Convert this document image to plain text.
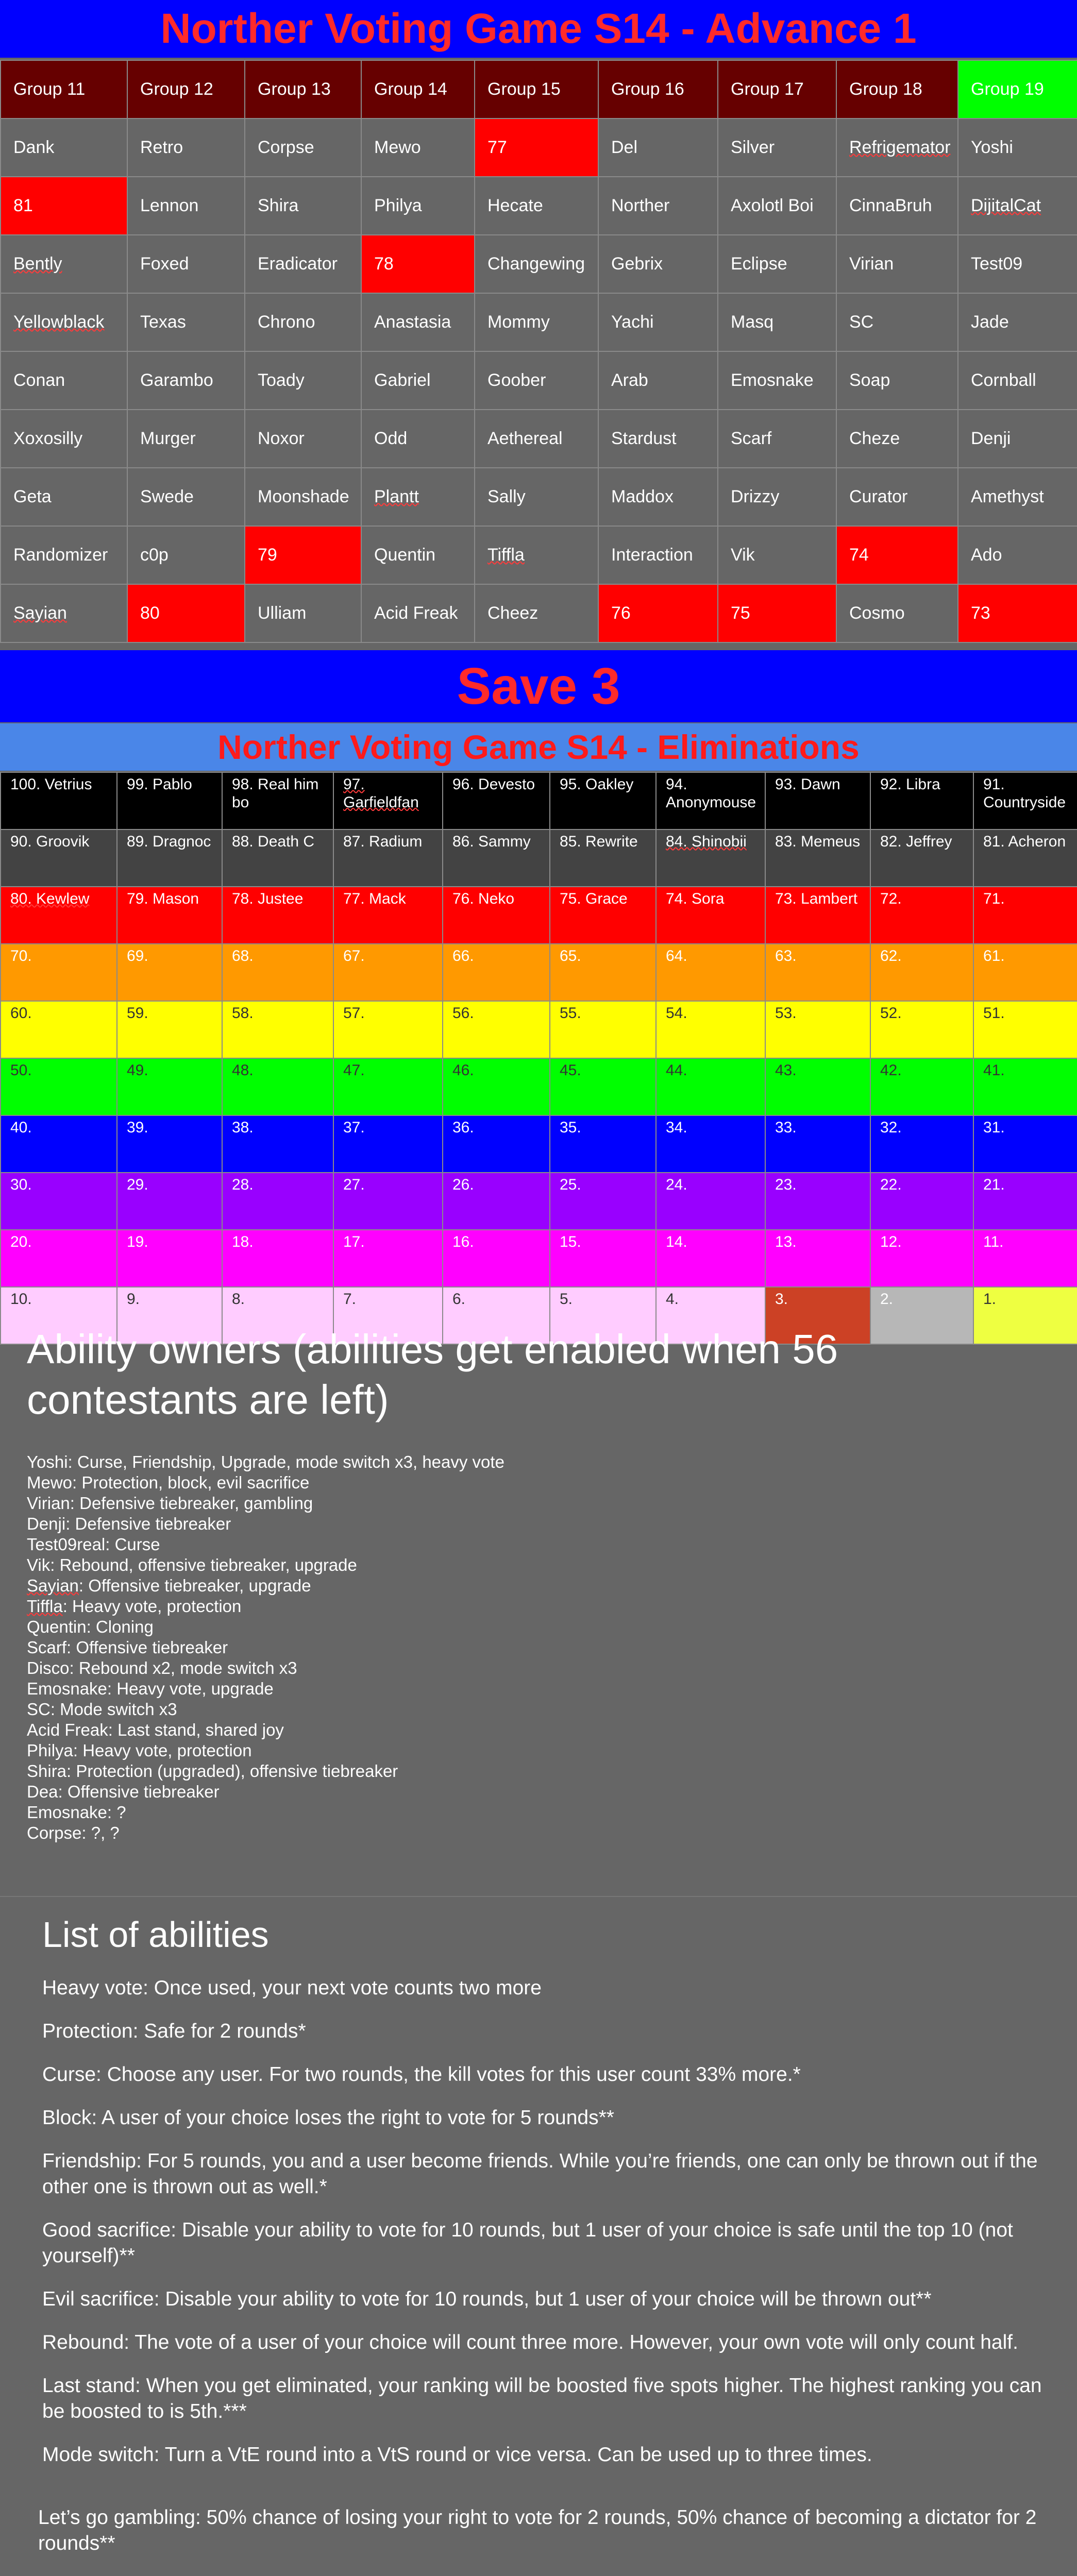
Norther Voting Game S14 - Advance 1
Group 11	Group 12	Group 13	Group 14	Group 15	Group 16	Group 17	Group 18	Group 19
Dank	Retro	Corpse	Mewo	77	Del	Silver	Refrigemator	Yoshi
81	Lennon	Shira	Philya	Hecate	Norther	Axolotl Boi	CinnaBruh	DijitalCat
Bently	Foxed	Eradicator	78	Changewing	Gebrix	Eclipse	Virian	Test09
Yellowblack	Texas	Chrono	Anastasia	Mommy	Yachi	Masq	SC	Jade
Conan	Garambo	Toady	Gabriel	Goober	Arab	Emosnake	Soap	Cornball
Xoxosilly	Murger	Noxor	Odd	Aethereal	Stardust	Scarf	Cheze	Denji
Geta	Swede	Moonshade	Plantt	Sally	Maddox	Drizzy	Curator	Amethyst
Randomizer	c0p	79	Quentin	Tiffla	Interaction	Vik	74	Ado
Sayian	80	Ulliam	Acid Freak	Cheez	76	75	Cosmo	73
Save 3
Norther Voting Game S14 - Eliminations
100. Vetrius	99. Pablo	98. Real him bo	97. Garfieldfan	96. Devesto	95. Oakley	94. Anonymouse	93. Dawn	92. Libra	91. Countryside
90. Groovik	89. Dragnoc	88. Death C	87. Radium	86. Sammy	85. Rewrite	84. Shinobii	83. Memeus	82. Jeffrey	81. Acheron
80. Kewlew	79. Mason	78. Justee	77. Mack	76. Neko	75. Grace	74. Sora	73. Lambert	72.	71.
70.	69.	68.	67.	66.	65.	64.	63.	62.	61.
60.	59.	58.	57.	56.	55.	54.	53.	52.	51.
50.	49.	48.	47.	46.	45.	44.	43.	42.	41.
40.	39.	38.	37.	36.	35.	34.	33.	32.	31.
30.	29.	28.	27.	26.	25.	24.	23.	22.	21.
20.	19.	18.	17.	16.	15.	14.	13.	12.	11.
10.	9.	8.	7.	6.	5.	4.	3.	2.	1.
Ability owners (abilities get enabled when 56 contestants are left)

Yoshi: Curse, Friendship, Upgrade, mode switch x3, heavy vote

Mewo: Protection, block, evil sacrifice

Virian: Defensive tiebreaker, gambling

Denji: Defensive tiebreaker

Test09real: Curse

Vik: Rebound, offensive tiebreaker, upgrade

Sayian: Offensive tiebreaker, upgrade

Tiffla: Heavy vote, protection

Quentin: Cloning

Scarf: Offensive tiebreaker

Disco: Rebound x2, mode switch x3

Emosnake: Heavy vote, upgrade

SC: Mode switch x3

Acid Freak: Last stand, shared joy

Philya: Heavy vote, protection

Shira: Protection (upgraded), offensive tiebreaker

Dea: Offensive tiebreaker

Emosnake: ?

Corpse: ?, ?

List of abilities

Heavy vote: Once used, your next vote counts two more

Protection: Safe for 2 rounds*

Curse: Choose any user. For two rounds, the kill votes for this user count 33% more.*

Block: A user of your choice loses the right to vote for 5 rounds**

Friendship: For 5 rounds, you and a user become friends. While you’re friends, one can only be thrown out if the other one is thrown out as well.*

Good sacrifice: Disable your ability to vote for 10 rounds, but 1 user of your choice is safe until the top 10 (not yourself)**

Evil sacrifice: Disable your ability to vote for 10 rounds, but 1 user of your choice will be thrown out**

Rebound: The vote of a user of your choice will count three more. However, your own vote will only count half.

Last stand: When you get eliminated, your ranking will be boosted five spots higher. The highest ranking you can be boosted to is 5th.***

Mode switch: Turn a VtE round into a VtS round or vice versa. Can be used up to three times.

Let’s go gambling: 50% chance of losing your right to vote for 2 rounds, 50% chance of becoming a dictator for 2 rounds**
